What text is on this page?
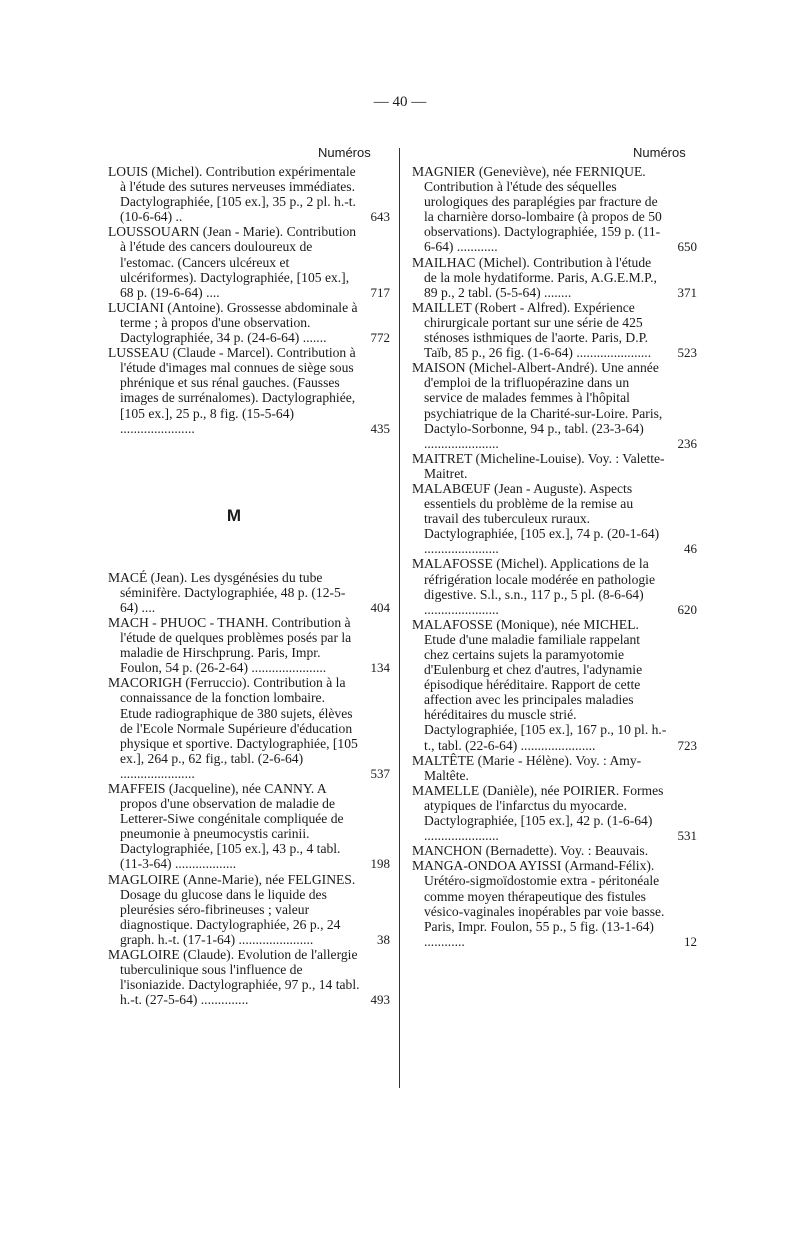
— 40 —
Numéros	Numéros

LOUIS (Michel). Contribution expérimentale à l'étude des sutures nerveuses immédiates. Dactylographiée, [105 ex.], 35 p., 2 pl. h.-t. (10-6-64) ..	643

LOUSSOUARN (Jean - Marie). Contribution à l'étude des cancers douloureux de l'estomac. (Cancers ulcéreux et ulcériformes). Dactylographiée, [105 ex.], 68 p. (19-6-64) ....	717

LUCIANI (Antoine). Grossesse abdominale à terme ; à propos d'une observation. Dactylographiée, 34 p. (24-6-64) .......	772

LUSSEAU (Claude - Marcel). Contribution à l'étude d'images mal connues de siège sous phrénique et sus rénal gauches. (Fausses images de surrénalomes). Dactylographiée, [105 ex.], 25 p., 8 fig. (15-5-64) ......................	435

M

MACÉ (Jean). Les dysgénésies du tube séminifère. Dactylographiée, 48 p. (12-5-64) ....	404

MACH - PHUOC - THANH. Contribution à l'étude de quelques problèmes posés par la maladie de Hirschprung. Paris, Impr. Foulon, 54 p. (26-2-64) ......................	134

MACORIGH (Ferruccio). Contribution à la connaissance de la fonction lombaire. Etude radiographique de 380 sujets, élèves de l'Ecole Normale Supérieure d'éducation physique et sportive. Dactylographiée, [105 ex.], 264 p., 62 fig., tabl. (2-6-64) ......................	537

MAFFEIS (Jacqueline), née CANNY. A propos d'une observation de maladie de Letterer-Siwe congénitale compliquée de pneumonie à pneumocystis carinii. Dactylographiée, [105 ex.], 43 p., 4 tabl. (11-3-64) ..................	198

MAGLOIRE (Anne-Marie), née FELGINES. Dosage du glucose dans le liquide des pleurésies séro-fibrineuses ; valeur diagnostique. Dactylographiée, 26 p., 24 graph. h.-t. (17-1-64) ......................	38

MAGLOIRE (Claude). Evolution de l'allergie tuberculinique sous l'influence de l'isoniazide. Dactylographiée, 97 p., 14 tabl. h.-t. (27-5-64) ..............	493

MAGNIER (Geneviève), née FERNIQUE. Contribution à l'étude des séquelles urologiques des paraplégies par fracture de la charnière dorso-lombaire (à propos de 50 observations). Dactylographiée, 159 p. (11-6-64) ............	650

MAILHAC (Michel). Contribution à l'étude de la mole hydatiforme. Paris, A.G.E.M.P., 89 p., 2 tabl. (5-5-64) ........	371

MAILLET (Robert - Alfred). Expérience chirurgicale portant sur une série de 425 sténoses isthmiques de l'aorte. Paris, D.P. Taïb, 85 p., 26 fig. (1-6-64) ...................... 523

MAISON (Michel-Albert-André). Une année d'emploi de la trifluopérazine dans un service de malades femmes à l'hôpital psychiatrique de la Charité-sur-Loire. Paris, Dactylo-Sorbonne, 94 p., tabl. (23-3-64) ......................	236

MAITRET (Micheline-Louise). Voy. : Valette-Maitret.

MALABŒUF (Jean - Auguste). Aspects essentiels du problème de la remise au travail des tuberculeux ruraux. Dactylographiée, [105 ex.], 74 p. (20-1-64) ......................	46

MALAFOSSE (Michel). Applications de la réfrigération locale modérée en pathologie digestive. S.l., s.n., 117 p., 5 pl. (8-6-64) ......................	620

MALAFOSSE (Monique), née MICHEL. Etude d'une maladie familiale rappelant chez certains sujets la paramyotomie d'Eulenburg et chez d'autres, l'adynamie épisodique héréditaire. Rapport de cette affection avec les principales maladies héréditaires du muscle strié. Dactylographiée, [105 ex.], 167 p., 10 pl. h.-t., tabl. (22-6-64) ......................	723

MALTÊTE (Marie - Hélène). Voy. : Amy-Maltête.

MAMELLE (Danièle), née POIRIER. Formes atypiques de l'infarctus du myocarde. Dactylographiée, [105 ex.], 42 p. (1-6-64) ......................	531

MANCHON (Bernadette). Voy. : Beauvais.

MANGA-ONDOA AYISSI (Armand-Félix). Urétéro-sigmoïdostomie extra - péritonéale comme moyen thérapeutique des fistules vésico-vaginales inopérables par voie basse. Paris, Impr. Foulon, 55 p., 5 fig. (13-1-64) ............	12
